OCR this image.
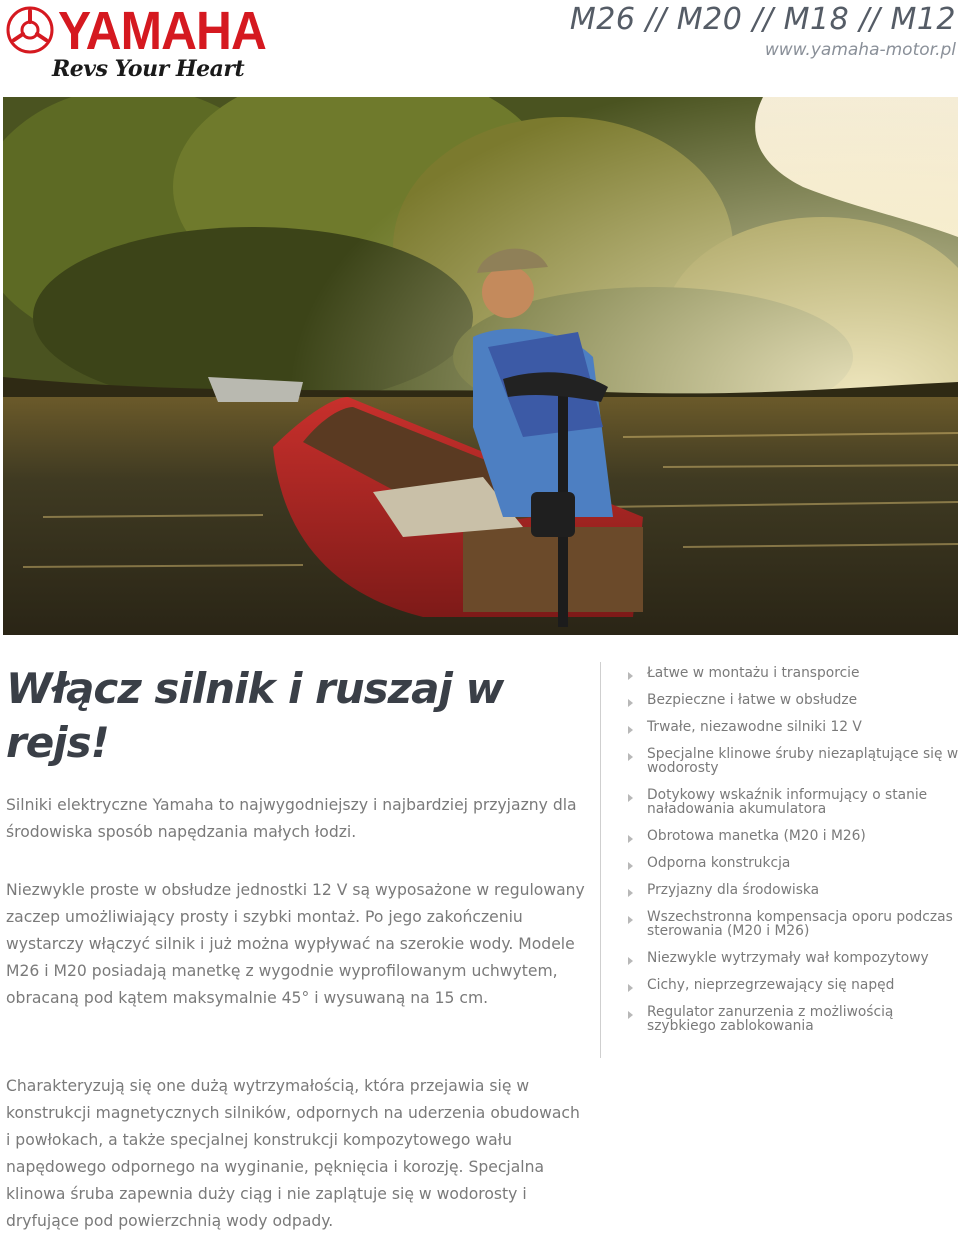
YAMAHA
Revs Your Heart
M26 // M20 // M18 // M12
www.yamaha-motor.pl
Włącz silnik i ruszaj w rejs!

Silniki elektryczne Yamaha to najwygodniejszy i najbardziej przyjazny dla środowiska sposób napędzania małych łodzi.

Niezwykle proste w obsłudze jednostki 12 V są wyposażone w regulowany zaczep umożliwiający prosty i szybki montaż. Po jego zakończeniu wystarczy włączyć silnik i już można wypływać na szerokie wody. Modele M26 i M20 posiadają manetkę z wygodnie wyprofilowanym uchwytem, obracaną pod kątem maksymalnie 45° i wysuwaną na 15 cm.

Charakteryzują się one dużą wytrzymałością, która przejawia się w konstrukcji magnetycznych silników, odpornych na uderzenia obudowach i powłokach, a także specjalnej konstrukcji kompozytowego wału napędowego odpornego na wyginanie, pęknięcia i korozję. Specjalna klinowa śruba zapewnia duży ciąg i nie zaplątuje się w wodorosty i dryfujące pod powierzchnią wody odpady.

Łatwe w montażu i transporcie
Bezpieczne i łatwe w obsłudze
Trwałe, niezawodne silniki 12 V
Specjalne klinowe śruby niezaplątujące się w wodorosty
Dotykowy wskaźnik informujący o stanie naładowania akumulatora
Obrotowa manetka (M20 i M26)
Odporna konstrukcja
Przyjazny dla środowiska
Wszechstronna kompensacja oporu podczas sterowania (M20 i M26)
Niezwykle wytrzymały wał kompozytowy
Cichy, nieprzegrzewający się napęd
Regulator zanurzenia z możliwością szybkiego zablokowania
